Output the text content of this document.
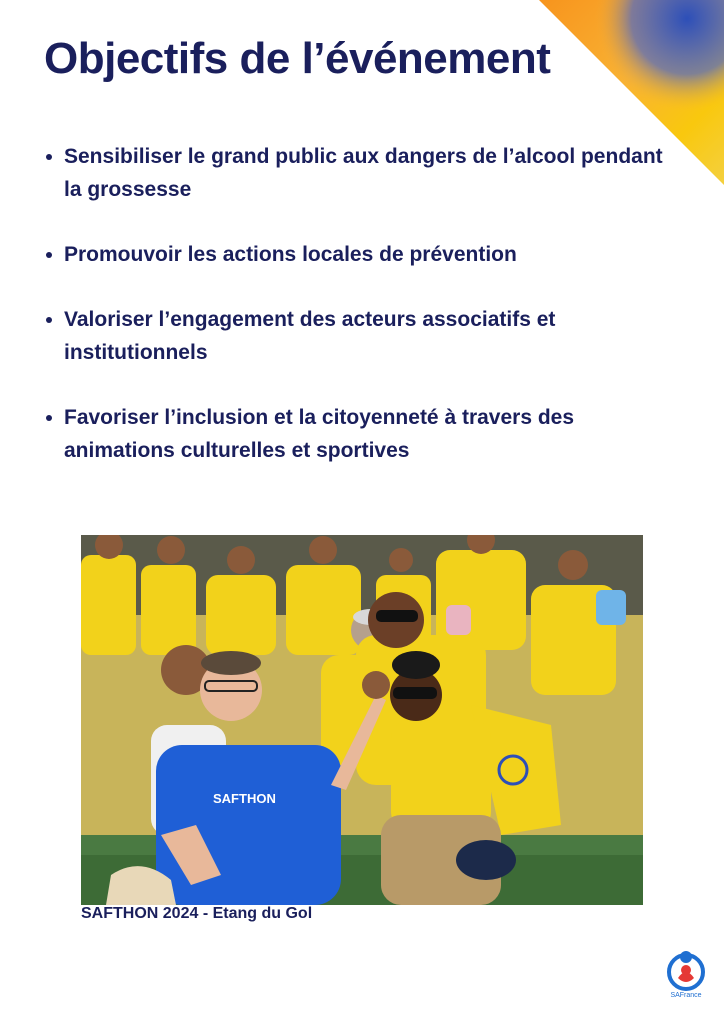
Objectifs de l’événement
Sensibiliser le grand public aux dangers de l’alcool pendant la grossesse
Promouvoir les actions locales de prévention
Valoriser l’engagement des acteurs associatifs et institutionnels
Favoriser l’inclusion et la citoyenneté à travers des animations culturelles et sportives
SAFTHON
SAFTHON 2024 - Etang du Gol
SAFrance
